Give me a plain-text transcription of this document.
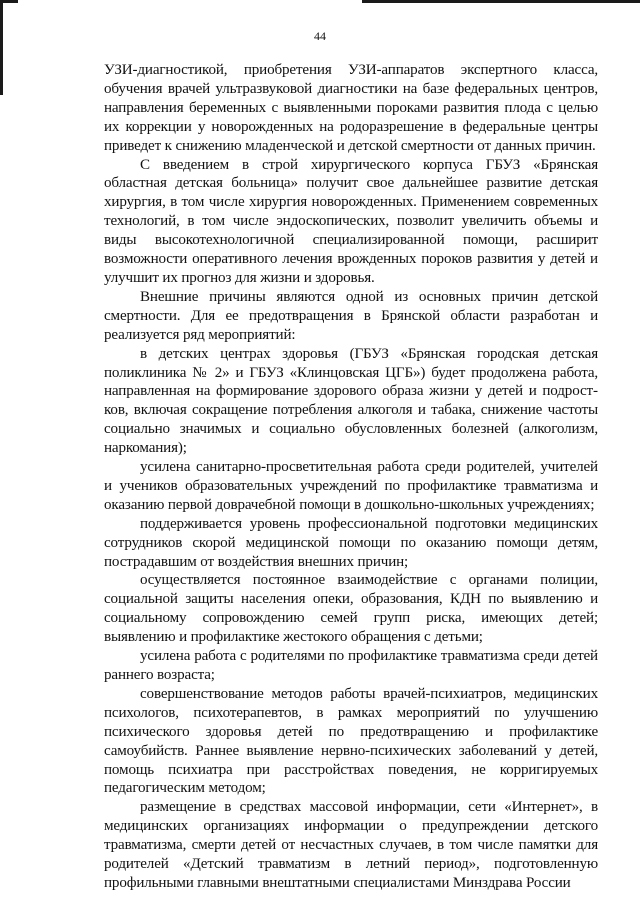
44

УЗИ-диагностикой, приобретения УЗИ-аппаратов экспертного класса, обучения врачей ультразвуковой диагностики на базе федеральных центров, направления беременных с выявленными пороками развития плода с целью их коррекции у новорожденных на родоразрешение в федеральные центры приведет к снижению младенческой и детской смертности от данных причин.

С введением в строй хирургического корпуса ГБУЗ «Брянская областная детская больница» получит свое дальнейшее развитие детская хирургия, в том числе хирургия новорожденных. Применением современных технологий, в том числе эндоскопических, позволит увеличить объемы и виды высокотехнологичной специализированной помощи, расширит возможности оперативного лечения врожденных пороков развития у детей и улучшит их прогноз для жизни и здоровья.

Внешние причины являются одной из основных причин детской смертности. Для ее предотвращения в Брянской области разработан и реализуется ряд мероприятий:

в детских центрах здоровья (ГБУЗ «Брянская городская детская поликлиника № 2» и ГБУЗ «Клинцовская ЦГБ») будет продолжена работа, направленная на формирование здорового образа жизни у детей и подростков, включая сокращение потребления алкоголя и табака, снижение частоты социально значимых и социально обусловленных болезней (алкоголизм, наркомания);

усилена санитарно-просветительная работа среди родителей, учителей и учеников образовательных учреждений по профилактике травматизма и оказанию первой доврачебной помощи в дошкольно-школьных учреждениях;

поддерживается уровень профессиональной подготовки медицинских сотрудников скорой медицинской помощи по оказанию помощи детям, пострадавшим от воздействия внешних причин;

осуществляется постоянное взаимодействие с органами полиции, социальной защиты населения опеки, образования, КДН по выявлению и социальному сопровождению семей групп риска, имеющих детей; выявлению и профилактике жестокого обращения с детьми;

усилена работа с родителями по профилактике травматизма среди детей раннего возраста;

совершенствование методов работы врачей-психиатров, медицинских психологов, психотерапевтов, в рамках мероприятий по улучшению психического здоровья детей по предотвращению и профилактике самоубийств. Раннее выявление нервно-психических заболеваний у детей, помощь психиатра при расстройствах поведения, не корригируемых педагогическим методом;

размещение в средствах массовой информации, сети «Интернет», в медицинских организациях информации о предупреждении детского травматизма, смерти детей от несчастных случаев, в том числе памятки для родителей «Детский травматизм в летний период», подготовленную профильными главными внештатными специалистами Минздрава России
